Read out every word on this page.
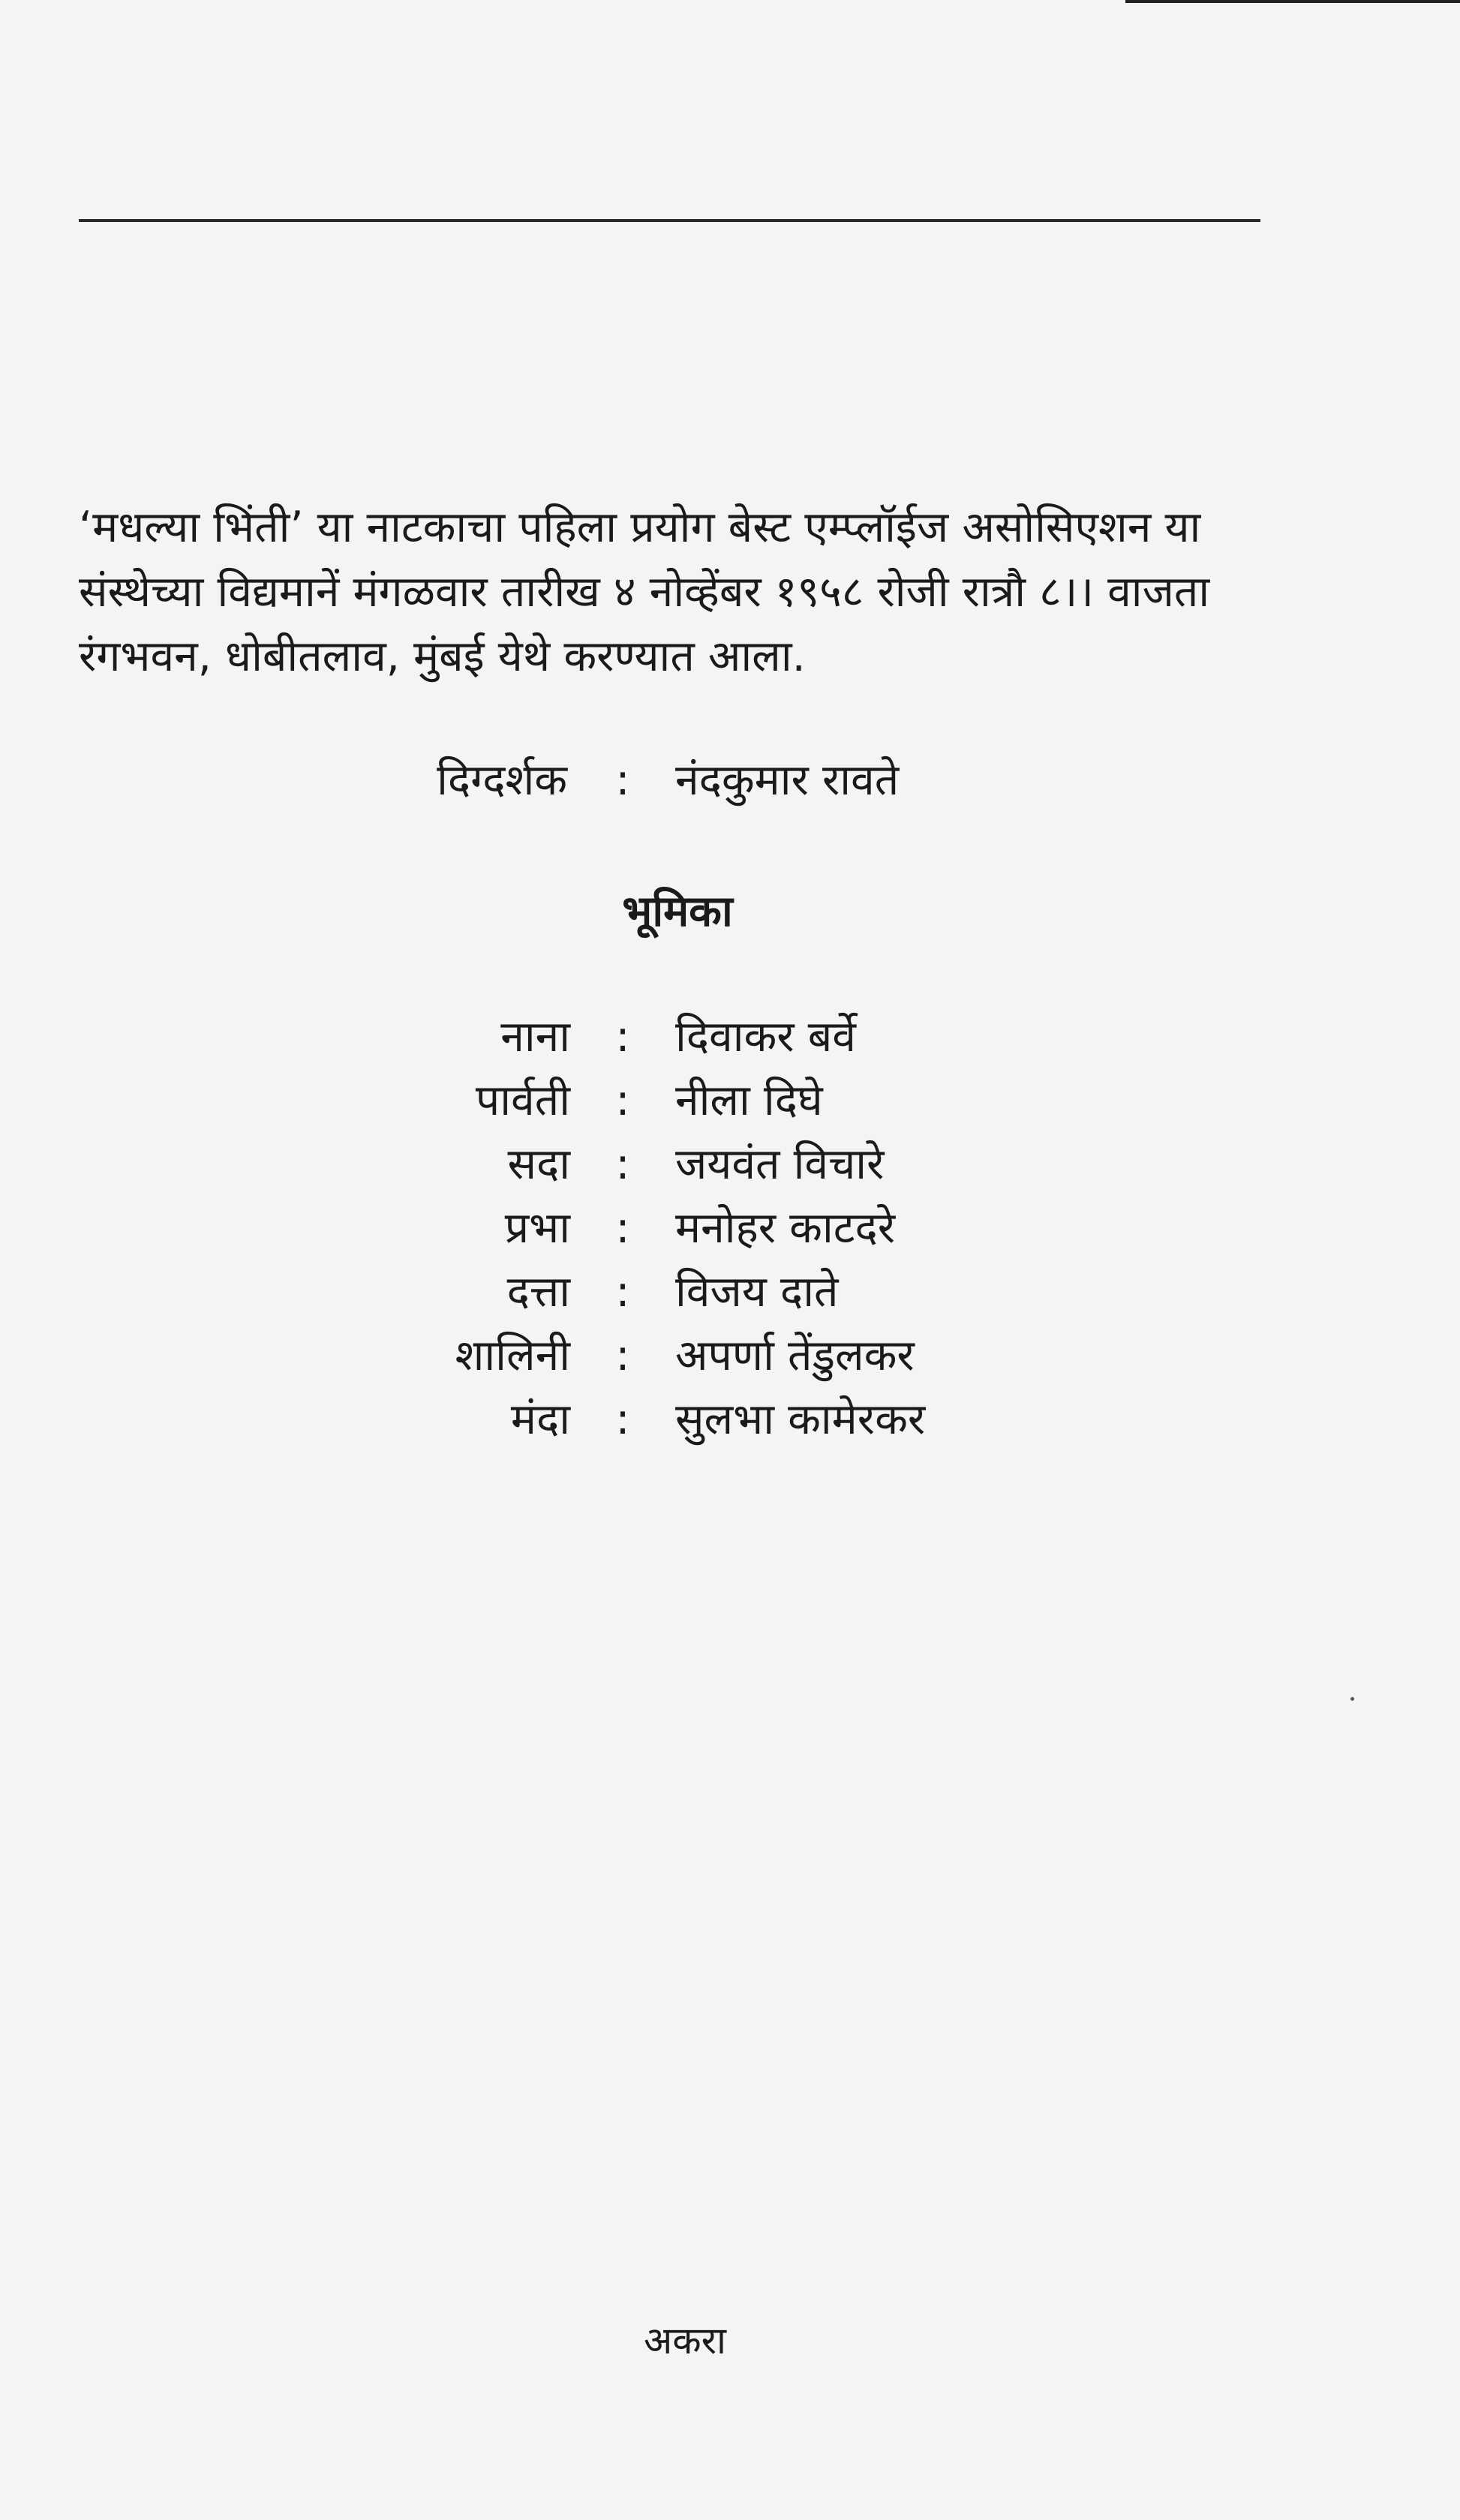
‘मधल्या भिंती’ या नाटकाचा पहिला प्रयोग बेस्ट एम्प्लॉईज असोसिएशन या
संस्थेच्या विद्यमानें मंगळवार तारीख ४ नोव्हेंबर १९५८ रोजी रात्रौ ८।। वाजता
रंगभवन, धोबीतलाव, मुंबई येथे करण्यात आला.

दिग्दर्शक : नंदकुमार रावते
भूमिका
नाना : दिवाकर बर्वे
पार्वती : नीला दिघे
सदा : जयवंत विचारे
प्रभा : मनोहर काटदरे
दत्ता : विजय दाते
शालिनी : अपर्णा तेंडुलकर
मंदा : सुलभा कामेरकर
अकरा
